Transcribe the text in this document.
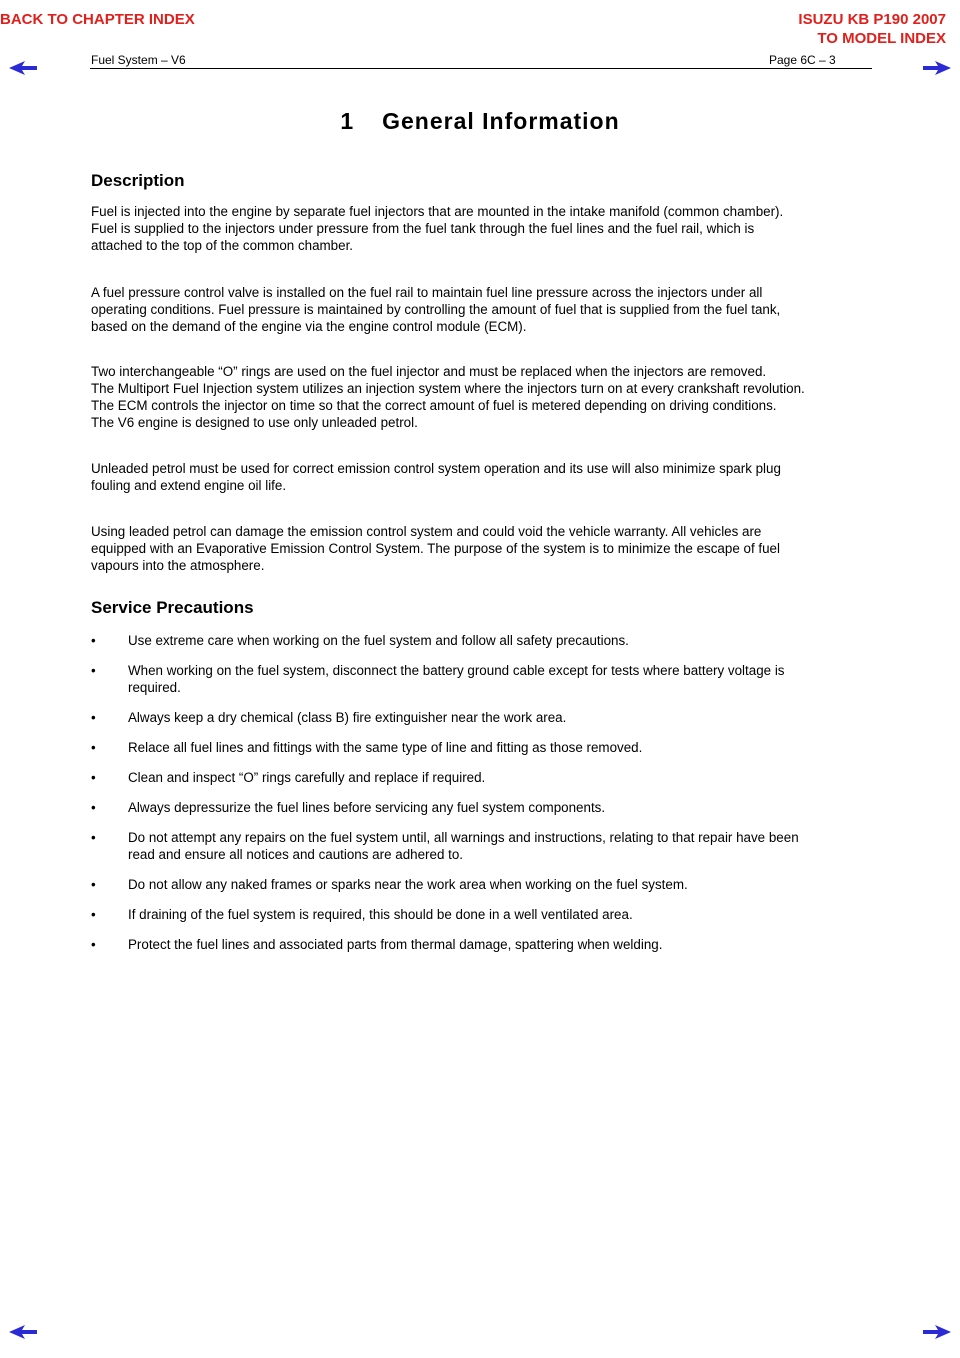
BACK TO CHAPTER INDEX	ISUZU KB P190 2007
TO MODEL INDEX
Fuel System – V6	Page 6C – 3
1 General Information
Description

Fuel is injected into the engine by separate fuel injectors that are mounted in the intake manifold (common chamber).
Fuel is supplied to the injectors under pressure from the fuel tank through the fuel lines and the fuel rail, which is
attached to the top of the common chamber.

A fuel pressure control valve is installed on the fuel rail to maintain fuel line pressure across the injectors under all
operating conditions. Fuel pressure is maintained by controlling the amount of fuel that is supplied from the fuel tank,
based on the demand of the engine via the engine control module (ECM).

Two interchangeable “O” rings are used on the fuel injector and must be replaced when the injectors are removed.
The Multiport Fuel Injection system utilizes an injection system where the injectors turn on at every crankshaft revolution.
The ECM controls the injector on time so that the correct amount of fuel is metered depending on driving conditions.
The V6 engine is designed to use only unleaded petrol.

Unleaded petrol must be used for correct emission control system operation and its use will also minimize spark plug
fouling and extend engine oil life.

Using leaded petrol can damage the emission control system and could void the vehicle warranty. All vehicles are
equipped with an Evaporative Emission Control System. The purpose of the system is to minimize the escape of fuel
vapours into the atmosphere.

Service Precautions
• Use extreme care when working on the fuel system and follow all safety precautions.
• When working on the fuel system, disconnect the battery ground cable except for tests where battery voltage is
required.
• Always keep a dry chemical (class B) fire extinguisher near the work area.
• Relace all fuel lines and fittings with the same type of line and fitting as those removed.
• Clean and inspect “O” rings carefully and replace if required.
• Always depressurize the fuel lines before servicing any fuel system components.
• Do not attempt any repairs on the fuel system until, all warnings and instructions, relating to that repair have been
read and ensure all notices and cautions are adhered to.
• Do not allow any naked frames or sparks near the work area when working on the fuel system.
• If draining of the fuel system is required, this should be done in a well ventilated area.
• Protect the fuel lines and associated parts from thermal damage, spattering when welding.
